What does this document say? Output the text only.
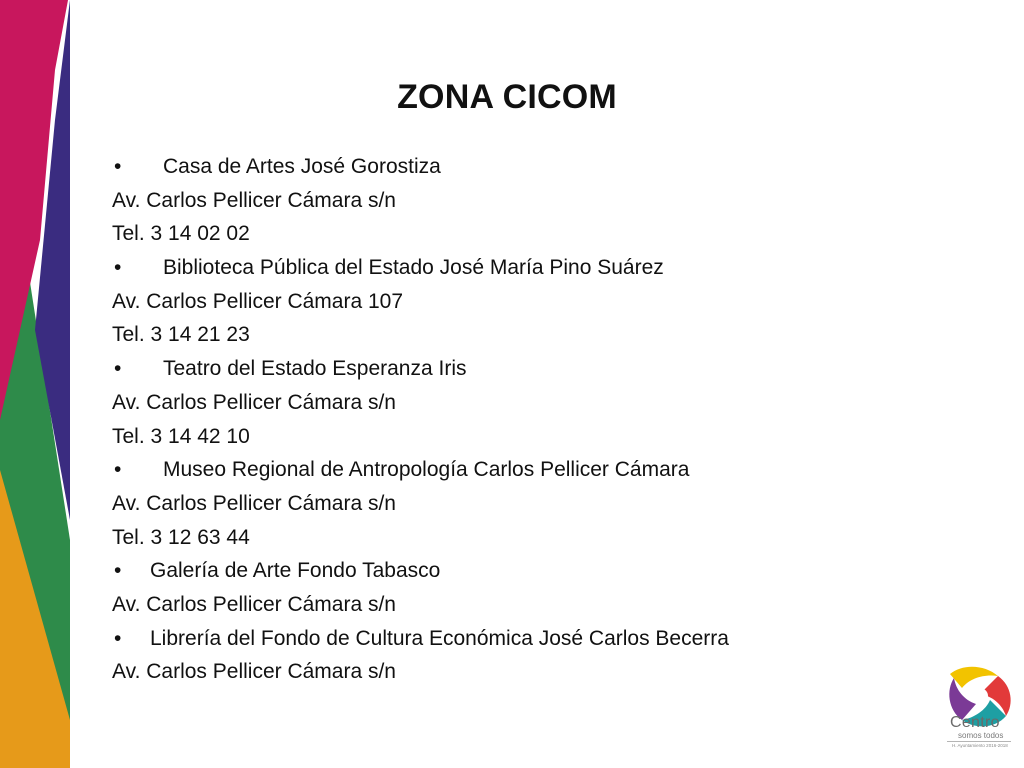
ZONA CICOM
• Casa de Artes José Gorostiza
Av. Carlos Pellicer Cámara s/n
Tel. 3 14 02 02
• Biblioteca Pública del Estado José María Pino Suárez
Av. Carlos Pellicer Cámara 107
Tel. 3 14 21 23
• Teatro del Estado Esperanza Iris
Av. Carlos Pellicer Cámara s/n
Tel. 3 14 42 10
• Museo Regional de Antropología Carlos Pellicer Cámara
Av. Carlos Pellicer Cámara s/n
Tel. 3 12 63 44
• Galería de Arte Fondo Tabasco
Av. Carlos Pellicer Cámara s/n
• Librería del Fondo de Cultura Económica José Carlos Becerra
Av. Carlos Pellicer Cámara s/n
Centro
somos todos
H. Ayuntamiento 2016-2018
